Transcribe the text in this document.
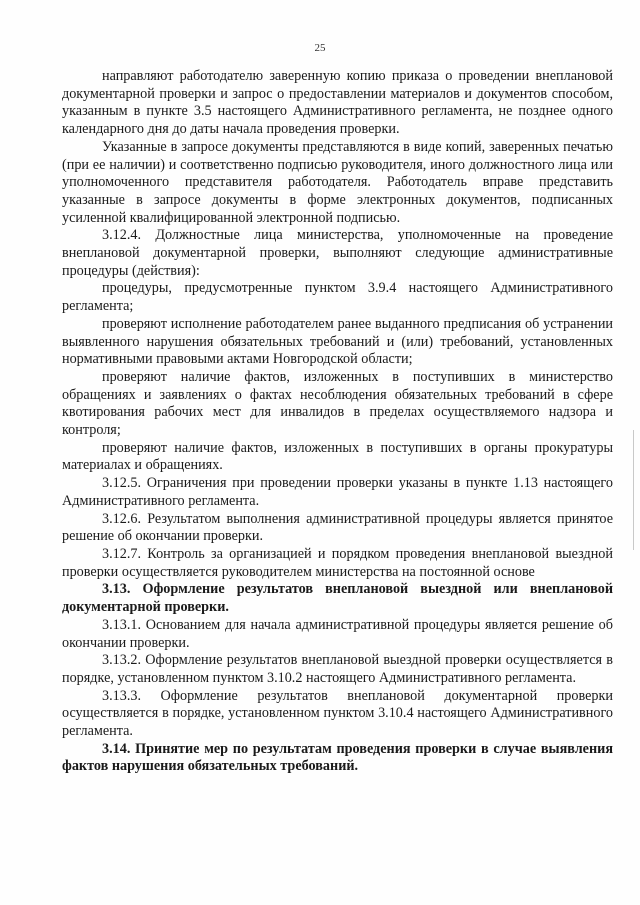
25

направляют работодателю заверенную копию приказа о проведении внеплановой документарной проверки и запрос о предоставлении материалов и документов способом, указанным в пункте 3.5 настоящего Административного регламента, не позднее одного календарного дня до даты начала проведения проверки.

Указанные в запросе документы представляются в виде копий, заверенных печатью (при ее наличии) и соответственно подписью руководителя, иного должностного лица или уполномоченного представителя работодателя. Работодатель вправе представить указанные в запросе документы в форме электронных документов, подписанных усиленной квалифицированной электронной подписью.

3.12.4. Должностные лица министерства, уполномоченные на проведение внеплановой документарной проверки, выполняют следующие административные процедуры (действия):

процедуры, предусмотренные пунктом 3.9.4 настоящего Административного регламента;

проверяют исполнение работодателем ранее выданного предписания об устранении выявленного нарушения обязательных требований и (или) требований, установленных нормативными правовыми актами Новгородской области;

проверяют наличие фактов, изложенных в поступивших в министерство обращениях и заявлениях о фактах несоблюдения обязательных требований в сфере квотирования рабочих мест для инвалидов в пределах осуществляемого надзора и контроля;

проверяют наличие фактов, изложенных в поступивших в органы прокуратуры материалах и обращениях.

3.12.5. Ограничения при проведении проверки указаны в пункте 1.13 настоящего Административного регламента.

3.12.6. Результатом выполнения административной процедуры является принятое решение об окончании проверки.

3.12.7. Контроль за организацией и порядком проведения внеплановой выездной проверки осуществляется руководителем министерства на постоянной основе

3.13. Оформление результатов внеплановой выездной или внеплановой документарной проверки.

3.13.1. Основанием для начала административной процедуры является решение об окончании проверки.

3.13.2. Оформление результатов внеплановой выездной проверки осуществляется в порядке, установленном пунктом 3.10.2 настоящего Административного регламента.

3.13.3. Оформление результатов внеплановой документарной проверки осуществляется в порядке, установленном пунктом 3.10.4 настоящего Административного регламента.

3.14. Принятие мер по результатам проведения проверки в случае выявления фактов нарушения обязательных требований.
